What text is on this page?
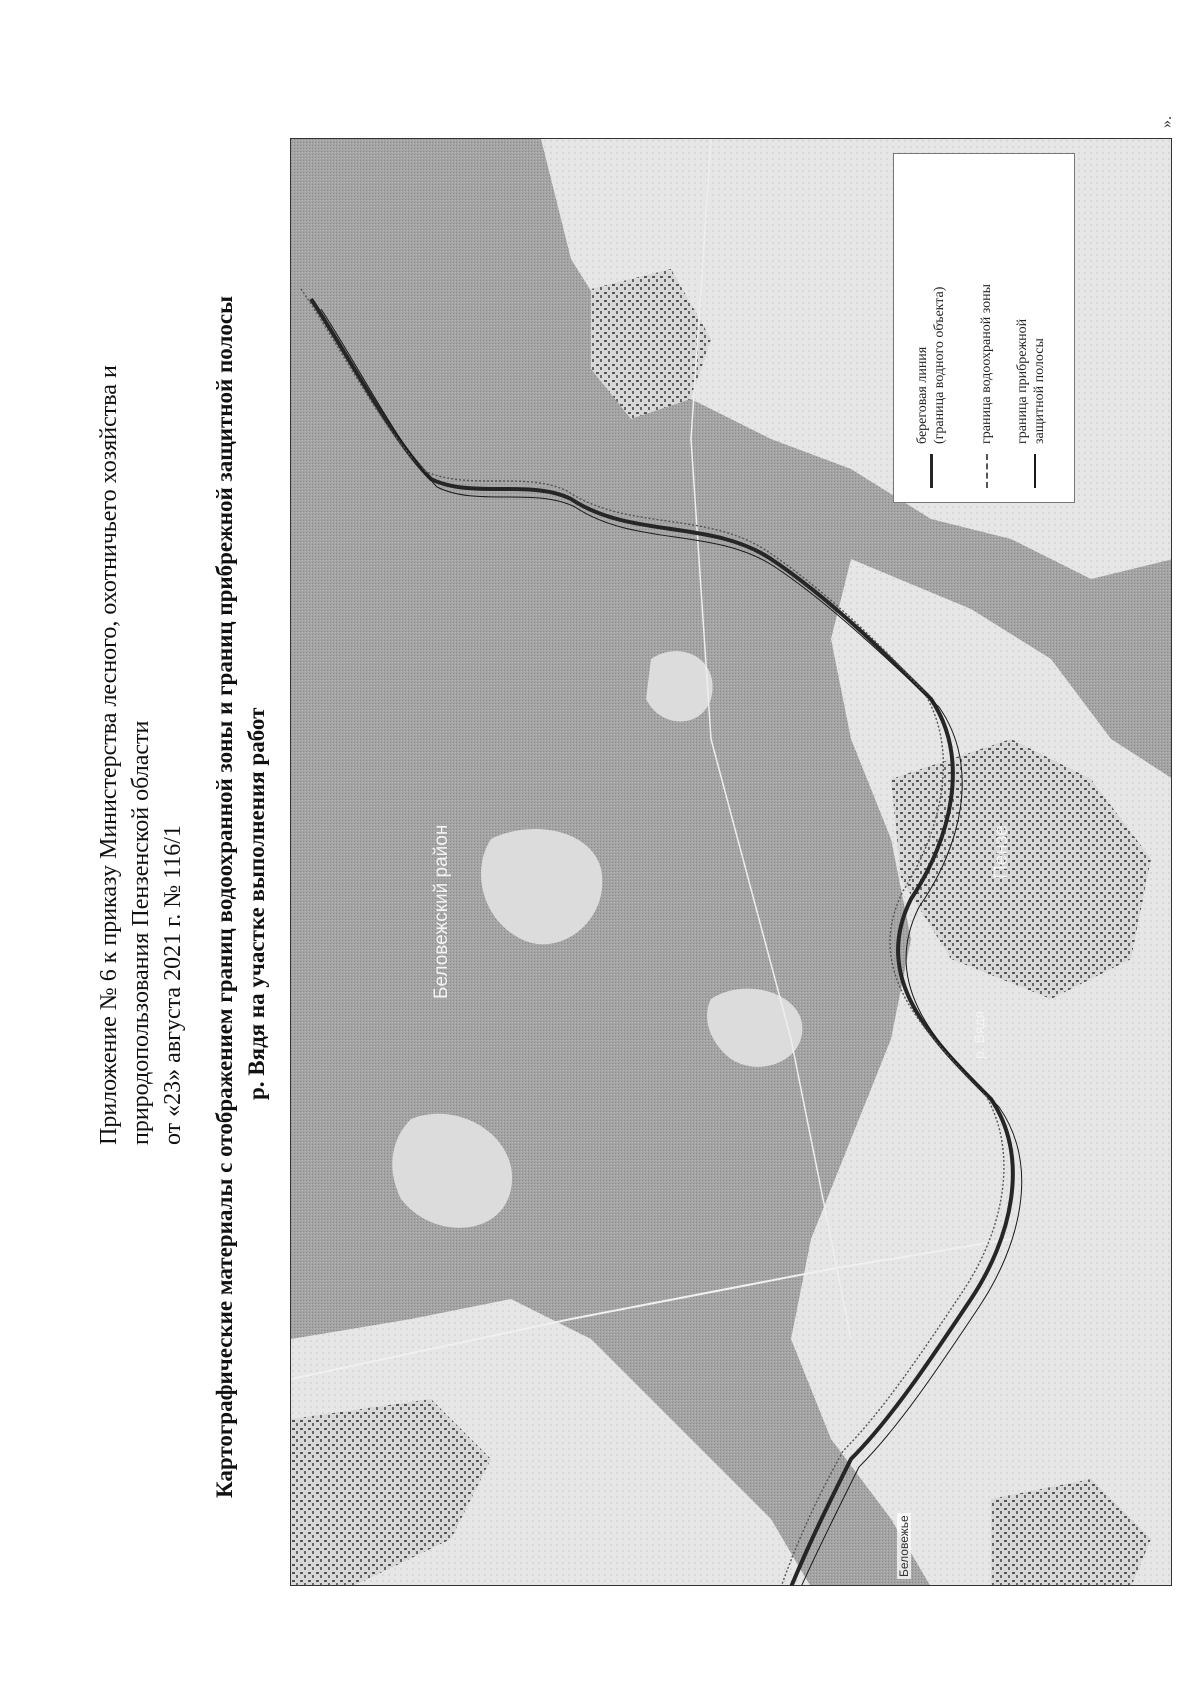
Приложение № 6 к приказу Министерства лесного, охотничьего хозяйства и природопользования Пензенской области от «23» августа 2021 г. № 116/1 Картографические материалы с отображением границ водоохранной зоны и границ прибрежной защитной полосы р. Вядя на участке выполнения работ	Беловежский район	Пензе
р. Вядя
Беловежье
береговая линия
(граница водного объекта) граница водоохраной зоны граница прибрежной
защитной полосы
».
